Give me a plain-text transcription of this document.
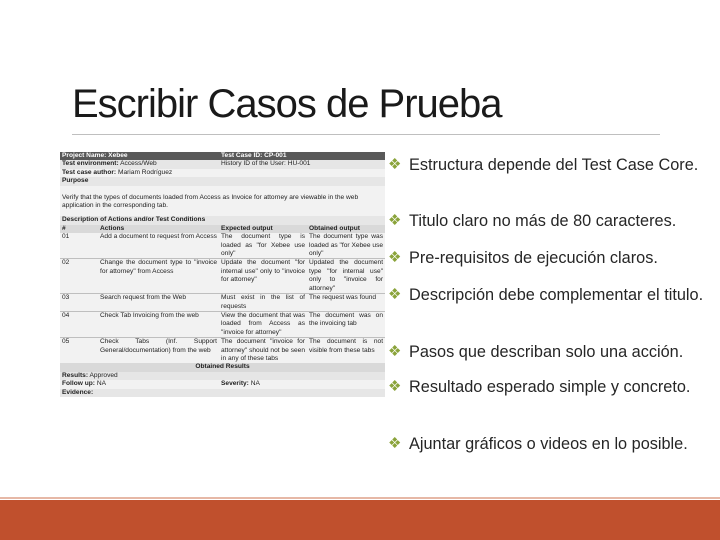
Escribir Casos de Prueba
Project Name: Xebee		Test Case ID: CP-001	
Test environment: Access/Web		History ID of the User: HU-001	
Test case author: Mariam Rodríguez			
Purpose			
Verify that the types of documents loaded from Access as Invoice for attorney are viewable in the web application in the corresponding tab.			
Description of Actions and/or Test Conditions			
#	Actions	Expected output	Obtained output
01	Add a document to request from Access	The document type is loaded as "for Xebee use only"	The document type was loaded as "for Xebee use only"
02	Change the document type to "invoice for attorney" from Access	Update the document "for internal use" only to "invoice for attorney"	Updated the document type "for internal use" only to "invoice for attorney"
03	Search request from the Web	Must exist in the list of requests	The request was found
04	Check Tab Invoicing from the web	View the document that was loaded from Access as "invoice for attorney"	The document was on the invoicing tab
05	Check Tabs (Inf. Support General/documentation) from the web	The document "invoice for attorney" should not be seen in any of these tabs	The document is not visible from these tabs
Obtained Results			
Results: Approved			
Follow up: NA		Severity: NA	
Evidence:			
❖ Estructura depende del Test Case Core.
❖ Titulo claro no más de 80 caracteres.
❖ Pre-requisitos de ejecución claros.
❖ Descripción debe complementar el titulo.
❖ Pasos que describan solo una acción.
❖ Resultado esperado simple y concreto.
❖ Ajuntar gráficos o videos en lo posible.
